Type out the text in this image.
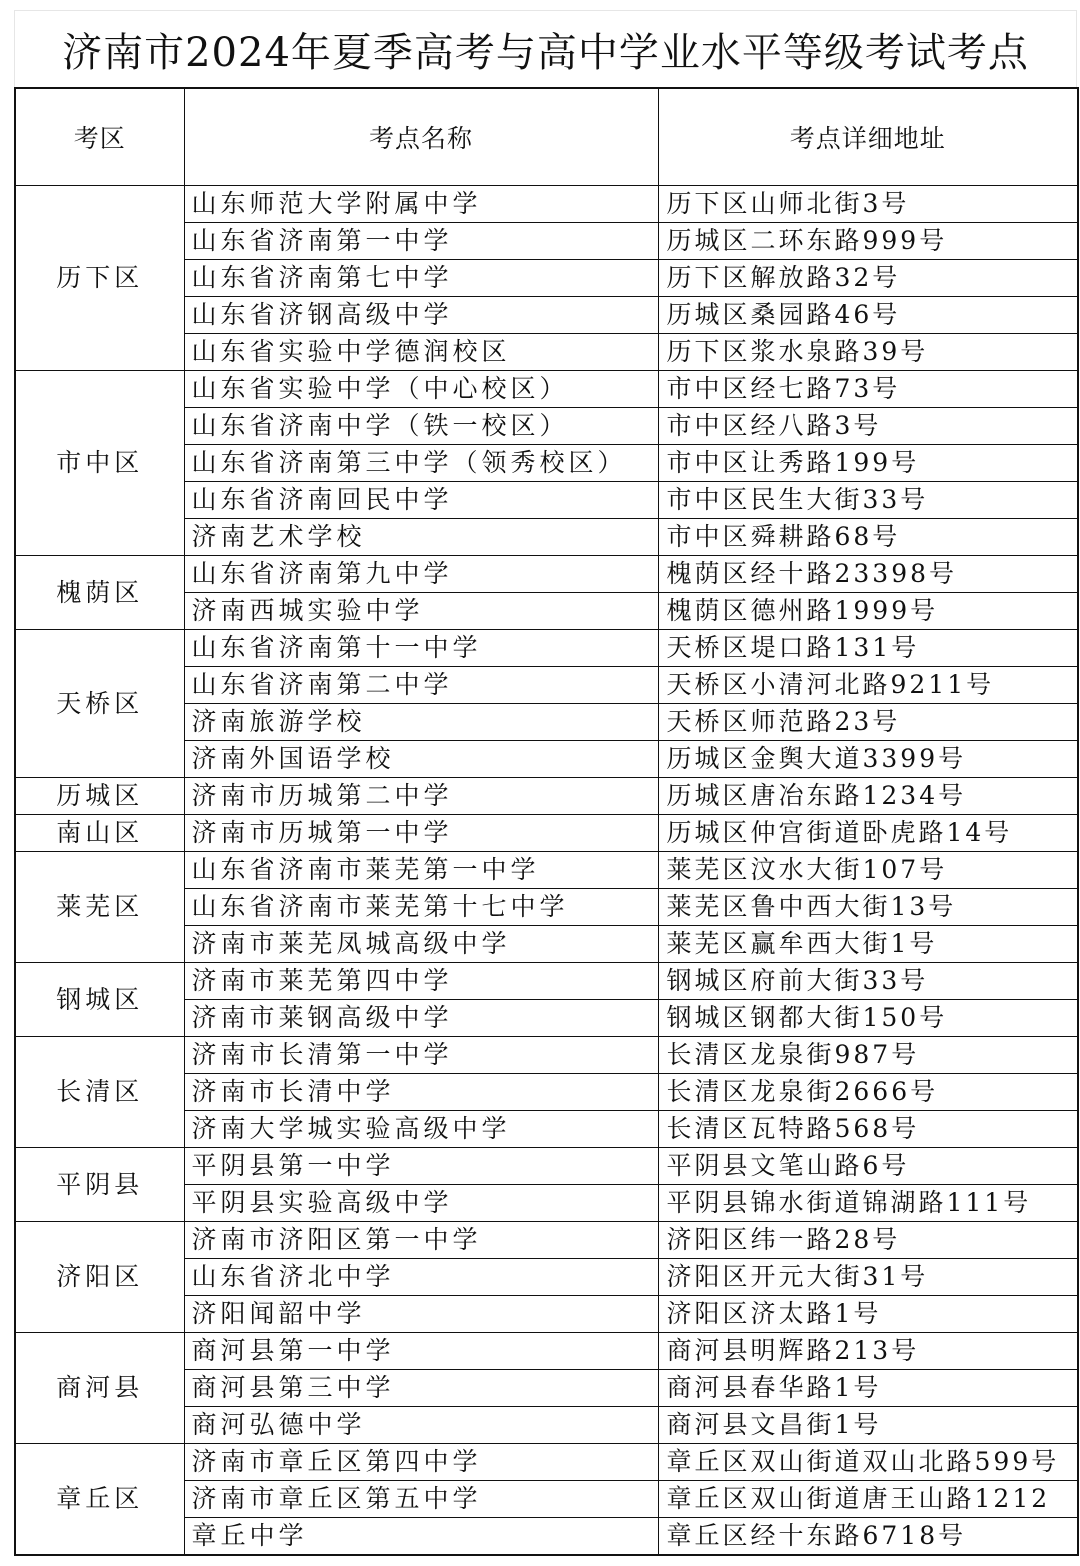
济南市2024年夏季高考与高中学业水平等级考试考点
考区	考点名称	考点详细地址
历下区	山东师范大学附属中学	历下区山师北街3号
	山东省济南第一中学	历城区二环东路999号
	山东省济南第七中学	历下区解放路32号
	山东省济钢高级中学	历城区桑园路46号
	山东省实验中学德润校区	历下区浆水泉路39号
市中区	山东省实验中学（中心校区）	市中区经七路73号
	山东省济南中学（铁一校区）	市中区经八路3号
	山东省济南第三中学（领秀校区）	市中区让秀路199号
	山东省济南回民中学	市中区民生大街33号
	济南艺术学校	市中区舜耕路68号
槐荫区	山东省济南第九中学	槐荫区经十路23398号
	济南西城实验中学	槐荫区德州路1999号
天桥区	山东省济南第十一中学	天桥区堤口路131号
	山东省济南第二中学	天桥区小清河北路9211号
	济南旅游学校	天桥区师范路23号
	济南外国语学校	历城区金舆大道3399号
历城区	济南市历城第二中学	历城区唐冶东路1234号
南山区	济南市历城第一中学	历城区仲宫街道卧虎路14号
莱芜区	山东省济南市莱芜第一中学	莱芜区汶水大街107号
	山东省济南市莱芜第十七中学	莱芜区鲁中西大街13号
	济南市莱芜凤城高级中学	莱芜区赢牟西大街1号
钢城区	济南市莱芜第四中学	钢城区府前大街33号
	济南市莱钢高级中学	钢城区钢都大街150号
长清区	济南市长清第一中学	长清区龙泉街987号
	济南市长清中学	长清区龙泉街2666号
	济南大学城实验高级中学	长清区瓦特路568号
平阴县	平阴县第一中学	平阴县文笔山路6号
	平阴县实验高级中学	平阴县锦水街道锦湖路111号
济阳区	济南市济阳区第一中学	济阳区纬一路28号
	山东省济北中学	济阳区开元大街31号
	济阳闻韶中学	济阳区济太路1号
商河县	商河县第一中学	商河县明辉路213号
	商河县第三中学	商河县春华路1号
	商河弘德中学	商河县文昌街1号
章丘区	济南市章丘区第四中学	章丘区双山街道双山北路599号
	济南市章丘区第五中学	章丘区双山街道唐王山路1212
	章丘中学	章丘区经十东路6718号
